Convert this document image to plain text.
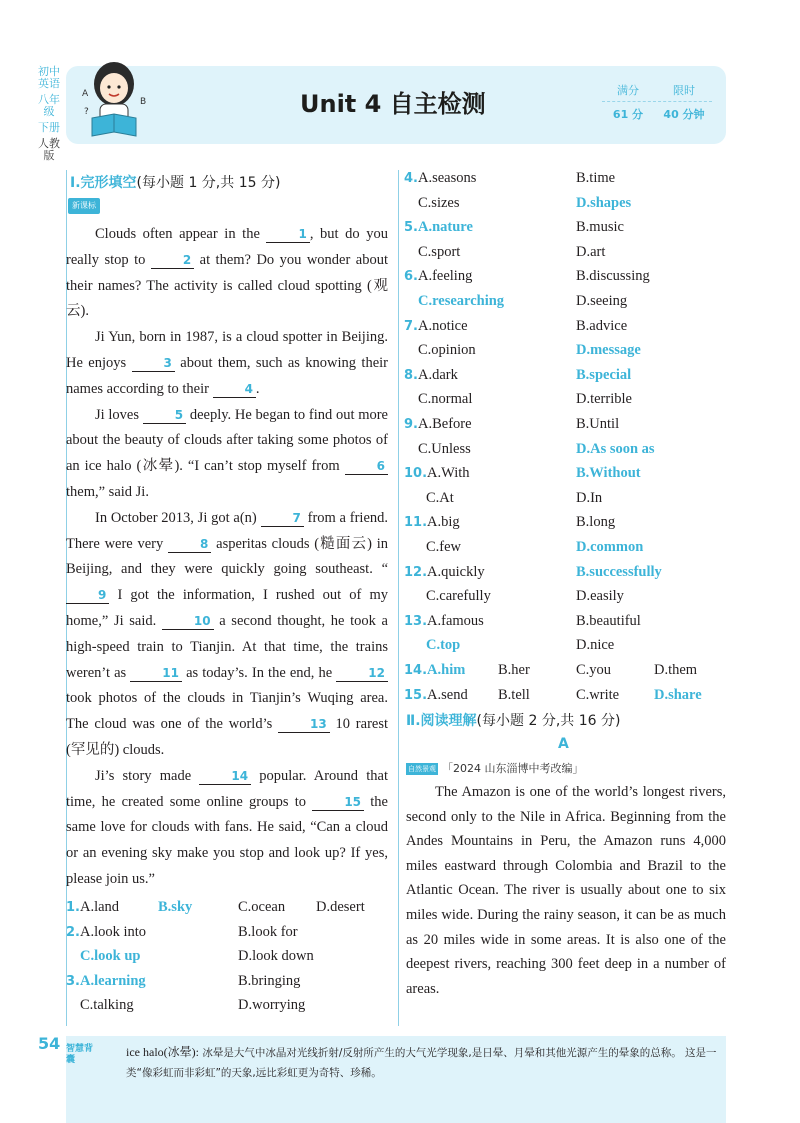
初中英语
八年级
下册
人教版
A
B
?	Unit 4 自主检测	满分	限时
61 分	40 分钟
Ⅰ.完形填空(每小题 1 分,共 15 分)
新课标 观云

Clouds often appear in the	1 , but do you really stop to	2 at them? Do you wonder about their names? The activity is called cloud spotting (观云).

Ji Yun, born in 1987, is a cloud spotter in Beijing. He enjoys	3 about them, such as knowing their names according to their	4 .

Ji loves	5 deeply. He began to find out more about the beauty of clouds after taking some photos of an ice halo (冰晕). “I can’t stop myself from	6 them,” said Ji.

In October 2013, Ji got a(n)	7 from a friend. There were very	8 asperitas clouds (糙面云) in Beijing, and they were quickly going southeast. “9 I got the information, I rushed out of my home,” Ji said.	10 a second thought, he took a high-speed train to Tianjin. At that time, the trains weren’t as	11 as today’s. In the end, he	12 took photos of the clouds in Tianjin’s Wuqing area. The cloud was one of the world’s	13 10 rarest (罕见的) clouds.

Ji’s story made	14 popular. Around that time, he created some online groups to	15 the same love for clouds with fans. He said, “Can a cloud or an evening sky make you stop and look up? If yes, please join us.”

1.A.land	B.sky	C.ocean D.desert
2.A.look into	B.look for
C.look up	D.look down
3.A.learning	B.bringing
C.talking	D.worrying
4.A.seasons	B.time
C.sizes	D.shapes
5.A.nature	B.music
C.sport	D.art
6.A.feeling	B.discussing
C.researching	D.seeing
7.A.notice	B.advice
C.opinion	D.message
8.A.dark	B.special
C.normal	D.terrible
9.A.Before	B.Until
C.Unless	D.As soon as
10.A.With	B.Without
C.At	D.In
11.A.big	B.long
C.few	D.common
12.A.quickly	B.successfully
C.carefully	D.easily
13.A.famous	B.beautiful
C.top	D.nice
14.A.him B.her	C.you	D.them
15.A.send B.tell	C.write D.share
Ⅱ.阅读理解(每小题 2 分,共 16 分)
A
自然景观 「2024 山东淄博中考改编」

The Amazon is one of the world’s longest rivers, second only to the Nile in Africa. Beginning from the Andes Mountains in Peru, the Amazon runs 4,000 miles eastward through Colombia and Brazil to the Atlantic Ocean. The river is usually about one to six miles wide. During the rainy season, it can be as much as 20 miles wide in some areas. It is also one of the deepest rivers, reaching 300 feet deep in a number of areas.

54 智慧背囊
ice halo(冰晕): 冰晕是大气中冰晶对光线折射/反射所产生的大气光学现象,是日晕、月晕和其他光源产生的晕象的总称。 这是一类“像彩虹而非彩虹”的天象,远比彩虹更为奇特、珍稀。
